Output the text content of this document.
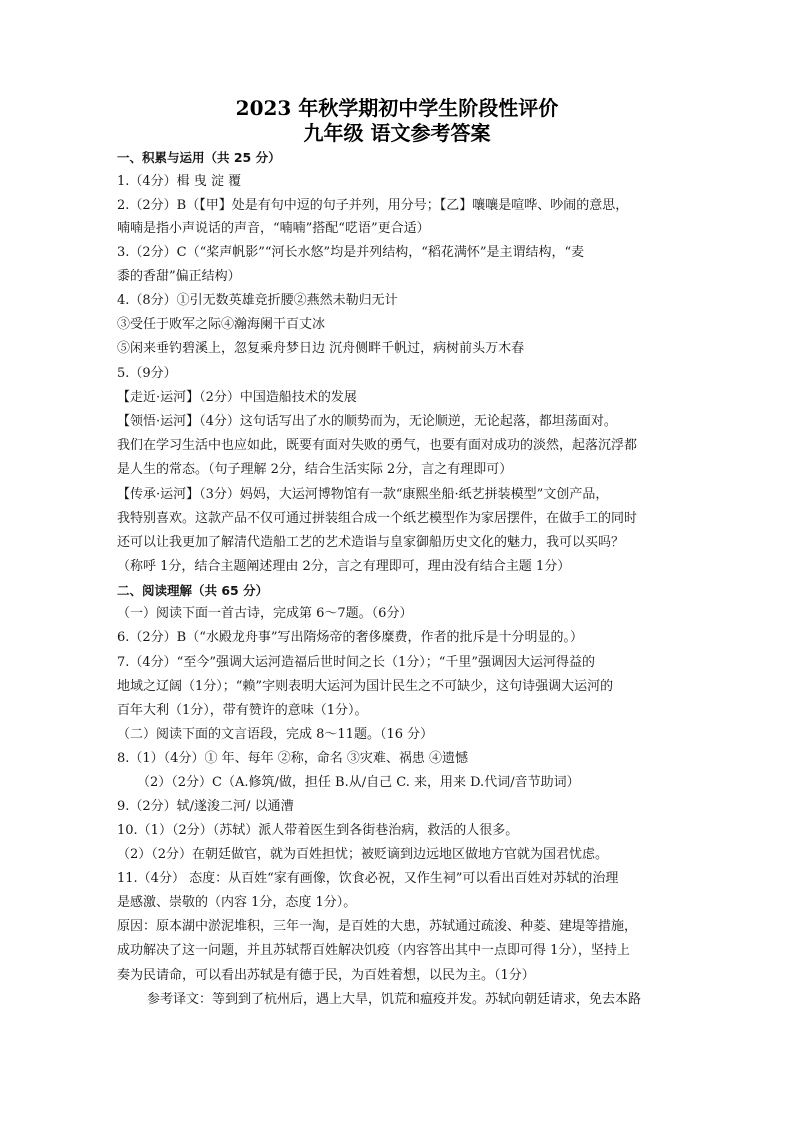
2023 年秋学期初中学生阶段性评价
九年级 语文参考答案
一、积累与运用（共 25 分）
1.（4分）楫 曳 淀 覆
2.（2分）B（【甲】处是有句中逗的句子并列，用分号；【乙】嚷嚷是喧哗、吵闹的意思，
喃喃是指小声说话的声音，“喃喃”搭配“呓语”更合适）
3.（2分）C（“桨声帆影”“河长水悠”均是并列结构，“稻花满怀”是主谓结构，“麦
黍的香甜”偏正结构）
4.（8分）①引无数英雄竞折腰②燕然未勒归无计
③受任于败军之际④瀚海阑干百丈冰
⑤闲来垂钓碧溪上，忽复乘舟梦日边 沉舟侧畔千帆过，病树前头万木春
5.（9分）
【走近·运河】（2分）中国造船技术的发展
【领悟·运河】（4分）这句话写出了水的顺势而为，无论顺逆，无论起落，都坦荡面对。
我们在学习生活中也应如此，既要有面对失败的勇气，也要有面对成功的淡然，起落沉浮都
是人生的常态。（句子理解 2分，结合生活实际 2分，言之有理即可）
【传承·运河】（3分）妈妈，大运河博物馆有一款“康熙坐船·纸艺拼装模型”文创产品，
我特别喜欢。这款产品不仅可通过拼装组合成一个纸艺模型作为家居摆件，在做手工的同时
还可以让我更加了解清代造船工艺的艺术造诣与皇家御船历史文化的魅力，我可以买吗？
（称呼 1分，结合主题阐述理由 2分，言之有理即可，理由没有结合主题 1分）
二、阅读理解（共 65 分）
（一）阅读下面一首古诗，完成第 6～7题。（6分）
6.（2分）B（“水殿龙舟事”写出隋炀帝的奢侈糜费，作者的批斥是十分明显的。）
7.（4分）“至今”强调大运河造福后世时间之长（1分）；“千里”强调因大运河得益的
地域之辽阔（1分）；“赖”字则表明大运河为国计民生之不可缺少，这句诗强调大运河的
百年大利（1分），带有赞许的意味（1分）。
（二）阅读下面的文言语段，完成 8～11题。（16 分）
8.（1）（4分）① 年、每年 ②称，命名 ③灾难、祸患 ④遗憾
（2）（2分）C（A.修筑/做，担任 B.从/自己 C. 来，用来 D.代词/音节助词）
9.（2分）轼/遂浚二河/ 以通漕
10.（1）（2分）（苏轼）派人带着医生到各街巷治病，救活的人很多。
（2）（2分）在朝廷做官，就为百姓担忧；被贬谪到边远地区做地方官就为国君忧虑。
11.（4分） 态度：从百姓“家有画像，饮食必祝，又作生祠”可以看出百姓对苏轼的治理
是感激、崇敬的（内容 1分，态度 1分）。
原因：原本湖中淤泥堆积，三年一淘，是百姓的大患，苏轼通过疏浚、种菱、建堤等措施，
成功解决了这一问题，并且苏轼帮百姓解决饥疫（内容答出其中一点即可得 1分），坚持上
奏为民请命，可以看出苏轼是有德于民，为百姓着想，以民为主。（1分）
参考译文：等到到了杭州后，遇上大旱，饥荒和瘟疫并发。苏轼向朝廷请求，免去本路
